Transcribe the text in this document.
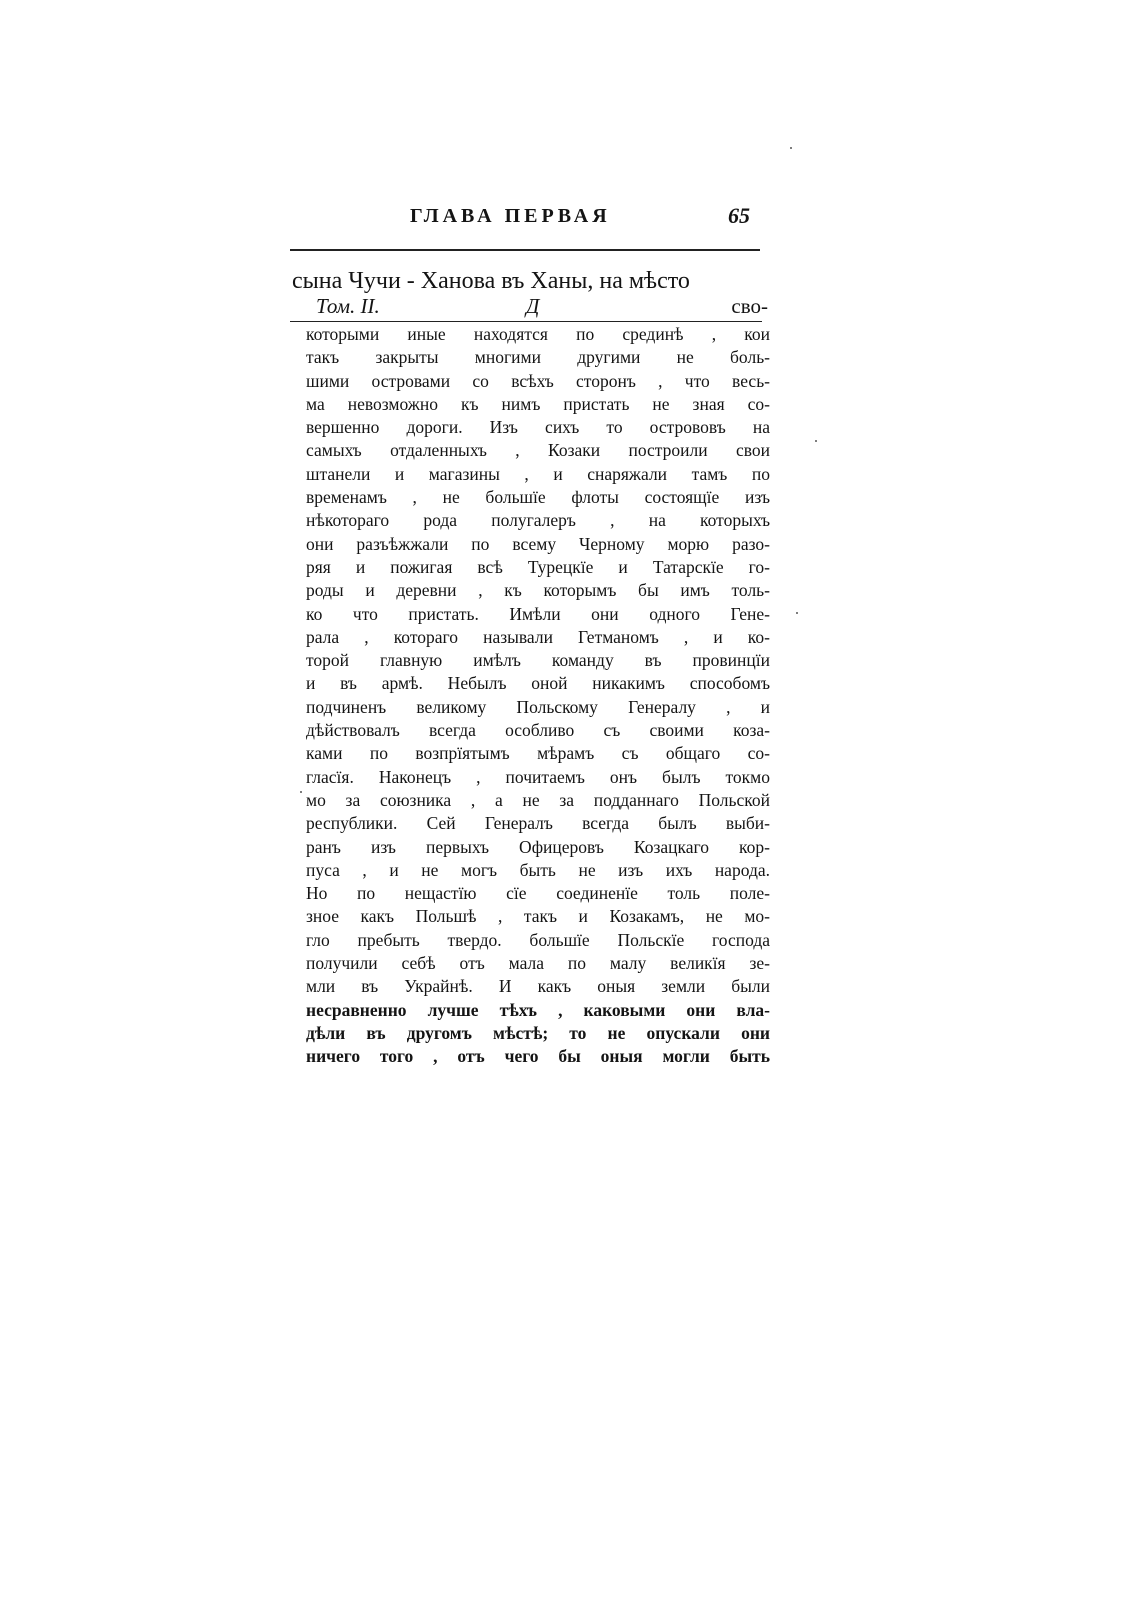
ГЛАВА ПЕРВАЯ	65
сына Чучи - Ханова въ Ханы, на мѣсто
Том. II.	Д	сво-
которыми иные находятся по срединѣ , кои
такъ закрыты многими другими не боль-
шими островами со всѣхъ сторонъ , что весь-
ма невозможно къ нимъ пристать не зная со-
вершенно дороги. Изъ сихъ то острововъ на
самыхъ отдаленныхъ , Козаки построили свои
штанели и магазины , и снаряжали тамъ по
временамъ , не большїе флоты состоящїе изъ
нѣкотораго рода полугалеръ , на которыхъ
они разъѣжжали по всему Черному морю разо-
ряя и пожигая всѣ Турецкїе и Татарскїе го-
роды и деревни , къ которымъ бы имъ толь-
ко что пристать. Имѣли они одного Гене-
рала , котораго называли Гетманомъ , и ко-
торой главную имѣлъ команду въ провинцїи
и въ армѣ. Небылъ оной никакимъ способомъ
подчиненъ великому Польскому Генералу , и
дѣйствовалъ всегда особливо съ своими коза-
ками по возпрїятымъ мѣрамъ съ общаго со-
гласїя. Наконецъ , почитаемъ онъ былъ токмо
мо за союзника , а не за подданнаго Польской
республики. Сей Генералъ всегда былъ выби-
ранъ изъ первыхъ Офицеровъ Козацкаго кор-
пуса , и не могъ быть не изъ ихъ народа.
Но по нещастїю сїе соединенїе толь поле-
зное какъ Польшѣ , такъ и Козакамъ, не мо-
гло пребыть твердо. большїе Польскїе господа
получили себѣ отъ мала по малу великїя зе-
мли въ Украйнѣ. И какъ оныя земли были
несравненно лучше тѣхъ , каковыми они вла-
дѣли въ другомъ мѣстѣ; то не опускали они
ничего того , отъ чего бы оныя могли быть
